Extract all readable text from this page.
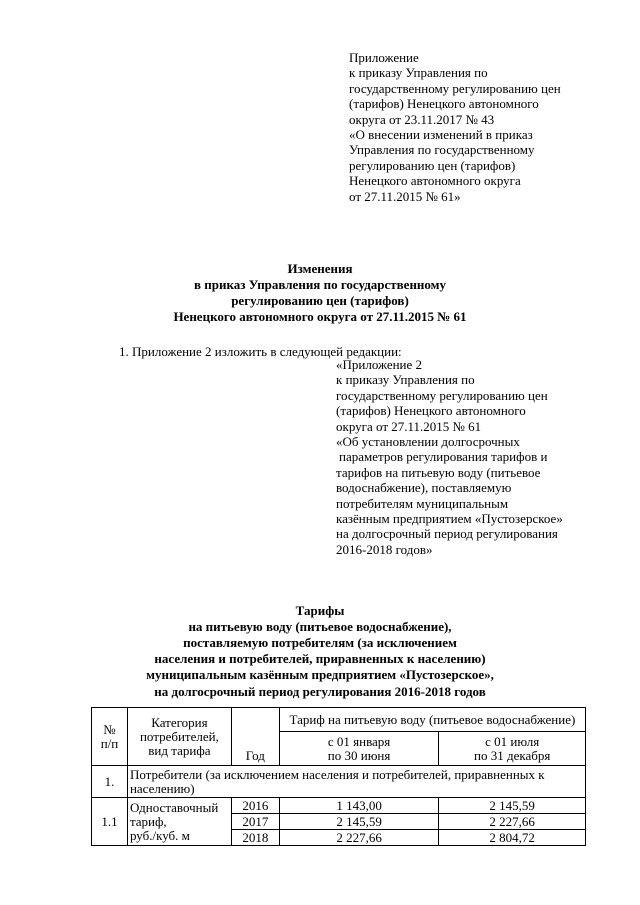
Приложение
к приказу Управления по
государственному регулированию цен
(тарифов) Ненецкого автономного
округа от 23.11.2017 № 43
«О внесении изменений в приказ
Управления по государственному
регулированию цен (тарифов)
Ненецкого автономного округа
от 27.11.2015 № 61»
Изменения
в приказ Управления по государственному
регулированию цен (тарифов)
Ненецкого автономного округа от 27.11.2015 № 61
1. Приложение 2 изложить в следующей редакции:
«Приложение 2
к приказу Управления по
государственному регулированию цен
(тарифов) Ненецкого автономного
округа от 27.11.2015 № 61
«Об установлении долгосрочных
параметров регулирования тарифов и
тарифов на питьевую воду (питьевое
водоснабжение), поставляемую
потребителям муниципальным
казённым предприятием «Пустозерское»
на долгосрочный период регулирования
2016-2018 годов»
Тарифы
на питьевую воду (питьевое водоснабжение),
поставляемую потребителям (за исключением
населения и потребителей, приравненных к населению)
муниципальным казённым предприятием «Пустозерское»,
на долгосрочный период регулирования 2016-2018 годов
№
п/п	Категория
потребителей,
вид тарифа	Год	Тариф на питьевую воду (питьевое водоснабжение)	

			с 01 января
по 30 июня	с 01 июля
по 31 декабря

1.	Потребители (за исключением населения и потребителей, приравненных к
населению)			

1.1	Одноставочный
тариф,
руб./куб. м	2016	1 143,00	2 145,59
		2017	2 145,59	2 227,66
		2018	2 227,66	2 804,72
